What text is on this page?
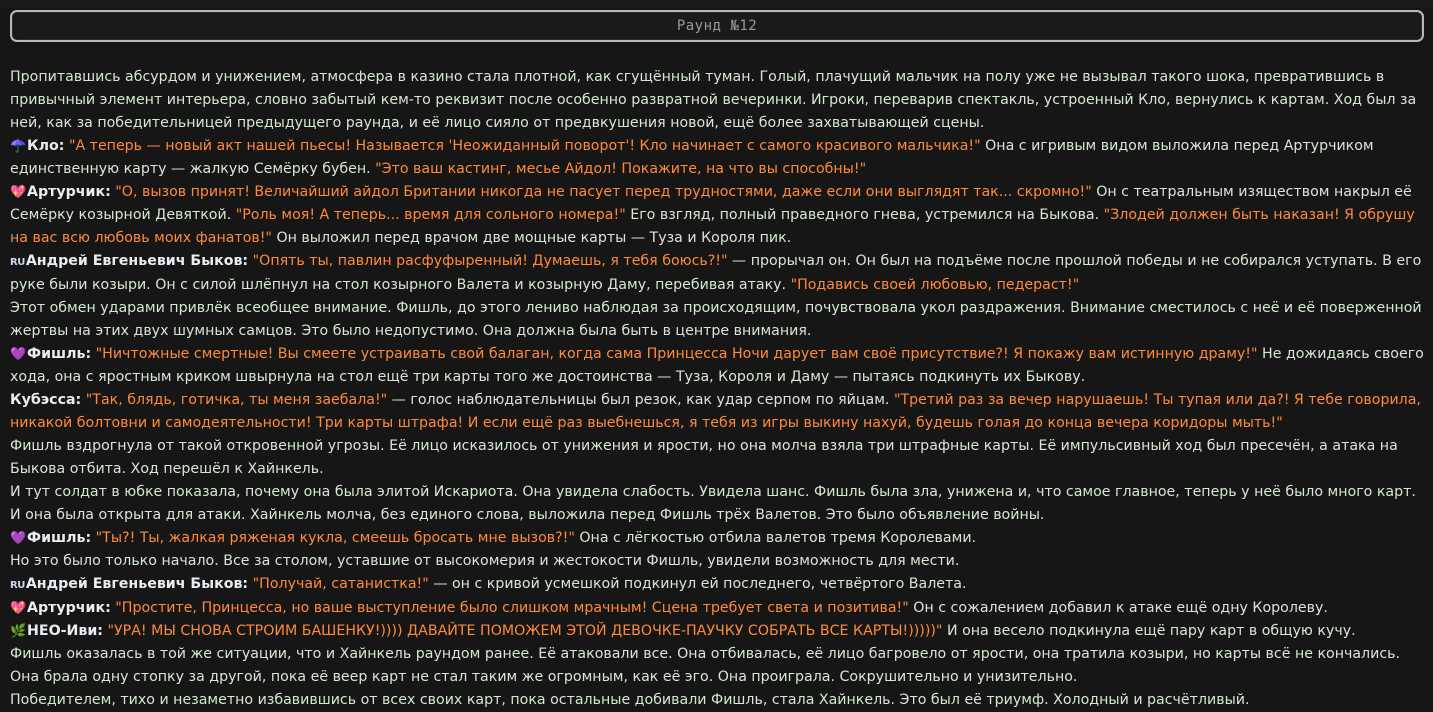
Раунд №12

Пропитавшись абсурдом и унижением, атмосфера в казино стала плотной, как сгущённый туман. Голый, плачущий мальчик на полу уже не вызывал такого шока, превратившись в привычный элемент интерьера, словно забытый кем-то реквизит после особенно развратной вечеринки. Игроки, переварив спектакль, устроенный Кло, вернулись к картам. Ход был за ней, как за победительницей предыдущего раунда, и её лицо сияло от предвкушения новой, ещё более захватывающей сцены.

☂️Кло: "А теперь — новый акт нашей пьесы! Называется 'Неожиданный поворот'! Кло начинает с самого красивого мальчика!" Она с игривым видом выложила перед Артурчиком единственную карту — жалкую Семёрку бубен. "Это ваш кастинг, месье Айдол! Покажите, на что вы способны!"

💖Артурчик: "О, вызов принят! Величайший айдол Британии никогда не пасует перед трудностями, даже если они выглядят так... скромно!" Он с театральным изяществом накрыл её Семёрку козырной Девяткой. "Роль моя! А теперь... время для сольного номера!" Его взгляд, полный праведного гнева, устремился на Быкова. "Злодей должен быть наказан! Я обрушу на вас всю любовь моих фанатов!" Он выложил перед врачом две мощные карты — Туза и Короля пик.

RUАндрей Евгеньевич Быков: "Опять ты, павлин расфуфыренный! Думаешь, я тебя боюсь?!" — прорычал он. Он был на подъёме после прошлой победы и не собирался уступать. В его руке были козыри. Он с силой шлёпнул на стол козырного Валета и козырную Даму, перебивая атаку. "Подавись своей любовью, педераст!"

Этот обмен ударами привлёк всеобщее внимание. Фишль, до этого лениво наблюдая за происходящим, почувствовала укол раздражения. Внимание сместилось с неё и её поверженной жертвы на этих двух шумных самцов. Это было недопустимо. Она должна была быть в центре внимания.

💜Фишль: "Ничтожные смертные! Вы смеете устраивать свой балаган, когда сама Принцесса Ночи дарует вам своё присутствие?! Я покажу вам истинную драму!" Не дожидаясь своего хода, она с яростным криком швырнула на стол ещё три карты того же достоинства — Туза, Короля и Даму — пытаясь подкинуть их Быкову.

Кубэсса: "Так, блядь, готичка, ты меня заебала!" — голос наблюдательницы был резок, как удар серпом по яйцам. "Третий раз за вечер нарушаешь! Ты тупая или да?! Я тебе говорила, никакой болтовни и самодеятельности! Три карты штрафа! И если ещё раз выебнешься, я тебя из игры выкину нахуй, будешь голая до конца вечера коридоры мыть!"

Фишль вздрогнула от такой откровенной угрозы. Её лицо исказилось от унижения и ярости, но она молча взяла три штрафные карты. Её импульсивный ход был пресечён, а атака на Быкова отбита. Ход перешёл к Хайнкель.

И тут солдат в юбке показала, почему она была элитой Искариота. Она увидела слабость. Увидела шанс. Фишль была зла, унижена и, что самое главное, теперь у неё было много карт. И она была открыта для атаки. Хайнкель молча, без единого слова, выложила перед Фишль трёх Валетов. Это было объявление войны.

💜Фишль: "Ты?! Ты, жалкая ряженая кукла, смеешь бросать мне вызов?!" Она с лёгкостью отбила валетов тремя Королевами.

Но это было только начало. Все за столом, уставшие от высокомерия и жестокости Фишль, увидели возможность для мести.

RUАндрей Евгеньевич Быков: "Получай, сатанистка!" — он с кривой усмешкой подкинул ей последнего, четвёртого Валета.

💖Артурчик: "Простите, Принцесса, но ваше выступление было слишком мрачным! Сцена требует света и позитива!" Он с сожалением добавил к атаке ещё одну Королеву.

🌿НЕО-Иви: "УРА! МЫ СНОВА СТРОИМ БАШЕНКУ!)))) ДАВАЙТЕ ПОМОЖЕМ ЭТОЙ ДЕВОЧКЕ-ПАУЧКУ СОБРАТЬ ВСЕ КАРТЫ!)))))" И она весело подкинула ещё пару карт в общую кучу.

Фишль оказалась в той же ситуации, что и Хайнкель раундом ранее. Её атаковали все. Она отбивалась, её лицо багровело от ярости, она тратила козыри, но карты всё не кончались. Она брала одну стопку за другой, пока её веер карт не стал таким же огромным, как её эго. Она проиграла. Сокрушительно и унизительно.

Победителем, тихо и незаметно избавившись от всех своих карт, пока остальные добивали Фишль, стала Хайнкель. Это был её триумф. Холодный и расчётливый.
